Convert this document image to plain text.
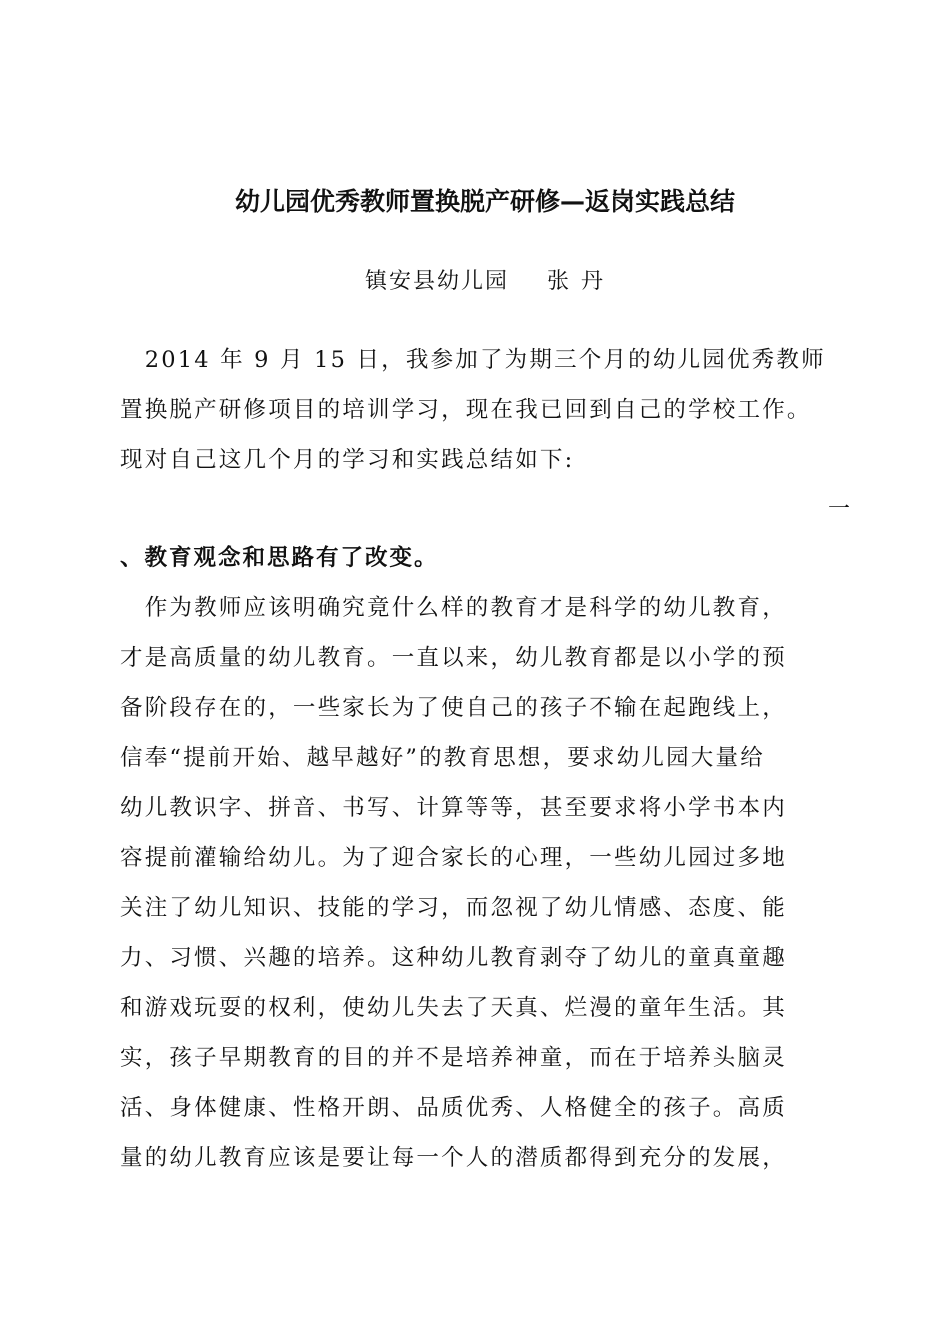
幼儿园优秀教师置换脱产研修—返岗实践总结
镇安县幼儿园 张 丹
　2014 年 9 月 15 日，我参加了为期三个月的幼儿园优秀教师
置换脱产研修项目的培训学习，现在我已回到自己的学校工作。
现对自己这几个月的学习和实践总结如下:
一
、教育观念和思路有了改变。
　作为教师应该明确究竟什么样的教育才是科学的幼儿教育，
才是高质量的幼儿教育。一直以来，幼儿教育都是以小学的预
备阶段存在的，一些家长为了使自己的孩子不输在起跑线上，
信奉“提前开始、越早越好”的教育思想，要求幼儿园大量给
幼儿教识字、拼音、书写、计算等等，甚至要求将小学书本内
容提前灌输给幼儿。为了迎合家长的心理，一些幼儿园过多地
关注了幼儿知识、技能的学习，而忽视了幼儿情感、态度、能
力、习惯、兴趣的培养。这种幼儿教育剥夺了幼儿的童真童趣
和游戏玩耍的权利，使幼儿失去了天真、烂漫的童年生活。其
实，孩子早期教育的目的并不是培养神童，而在于培养头脑灵
活、身体健康、性格开朗、品质优秀、人格健全的孩子。高质
量的幼儿教育应该是要让每一个人的潜质都得到充分的发展，
